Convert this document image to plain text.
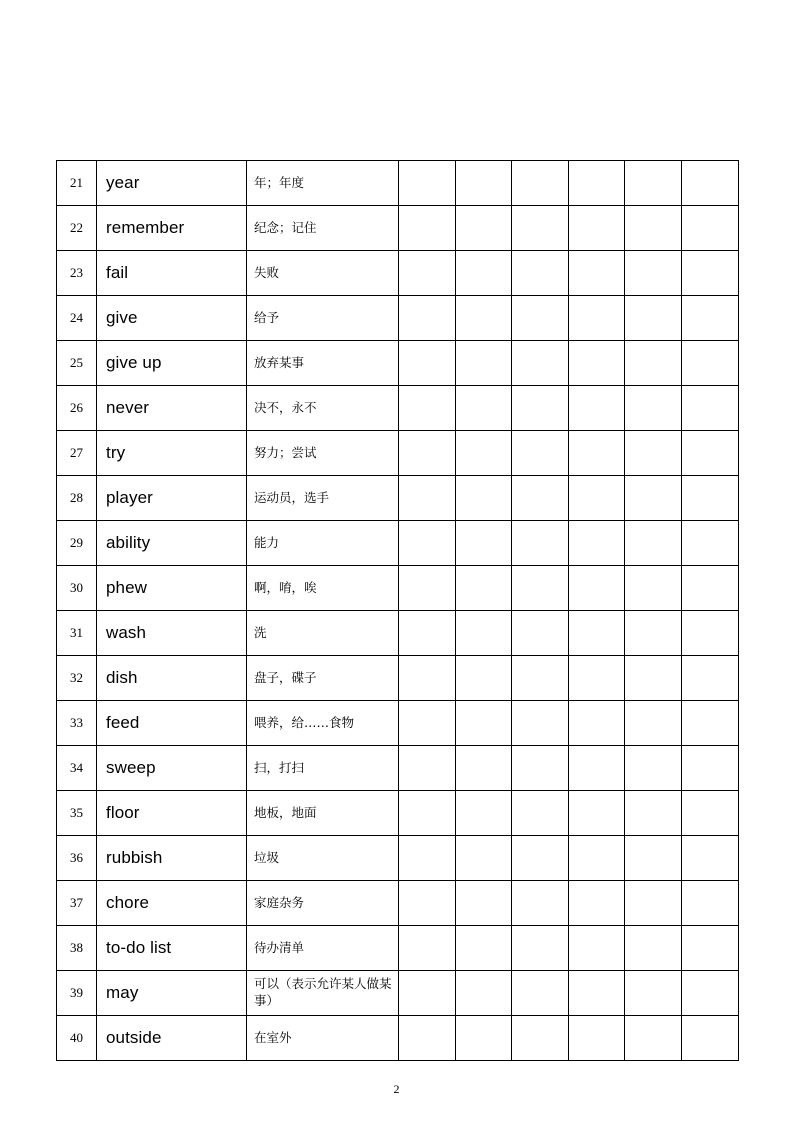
21	year	年；年度						
22	remember	纪念；记住						
23	fail	失败						
24	give	给予						
25	give up	放弃某事						
26	never	决不，永不						
27	try	努力；尝试						
28	player	运动员，选手						
29	ability	能力						
30	phew	啊，唷，唉						
31	wash	洗						
32	dish	盘子，碟子						
33	feed	喂养，给……食物						
34	sweep	扫，打扫						
35	floor	地板，地面						
36	rubbish	垃圾						
37	chore	家庭杂务						
38	to-do list	待办清单						
39	may	可以（表示允许某人做某事）						
40	outside	在室外						
2
